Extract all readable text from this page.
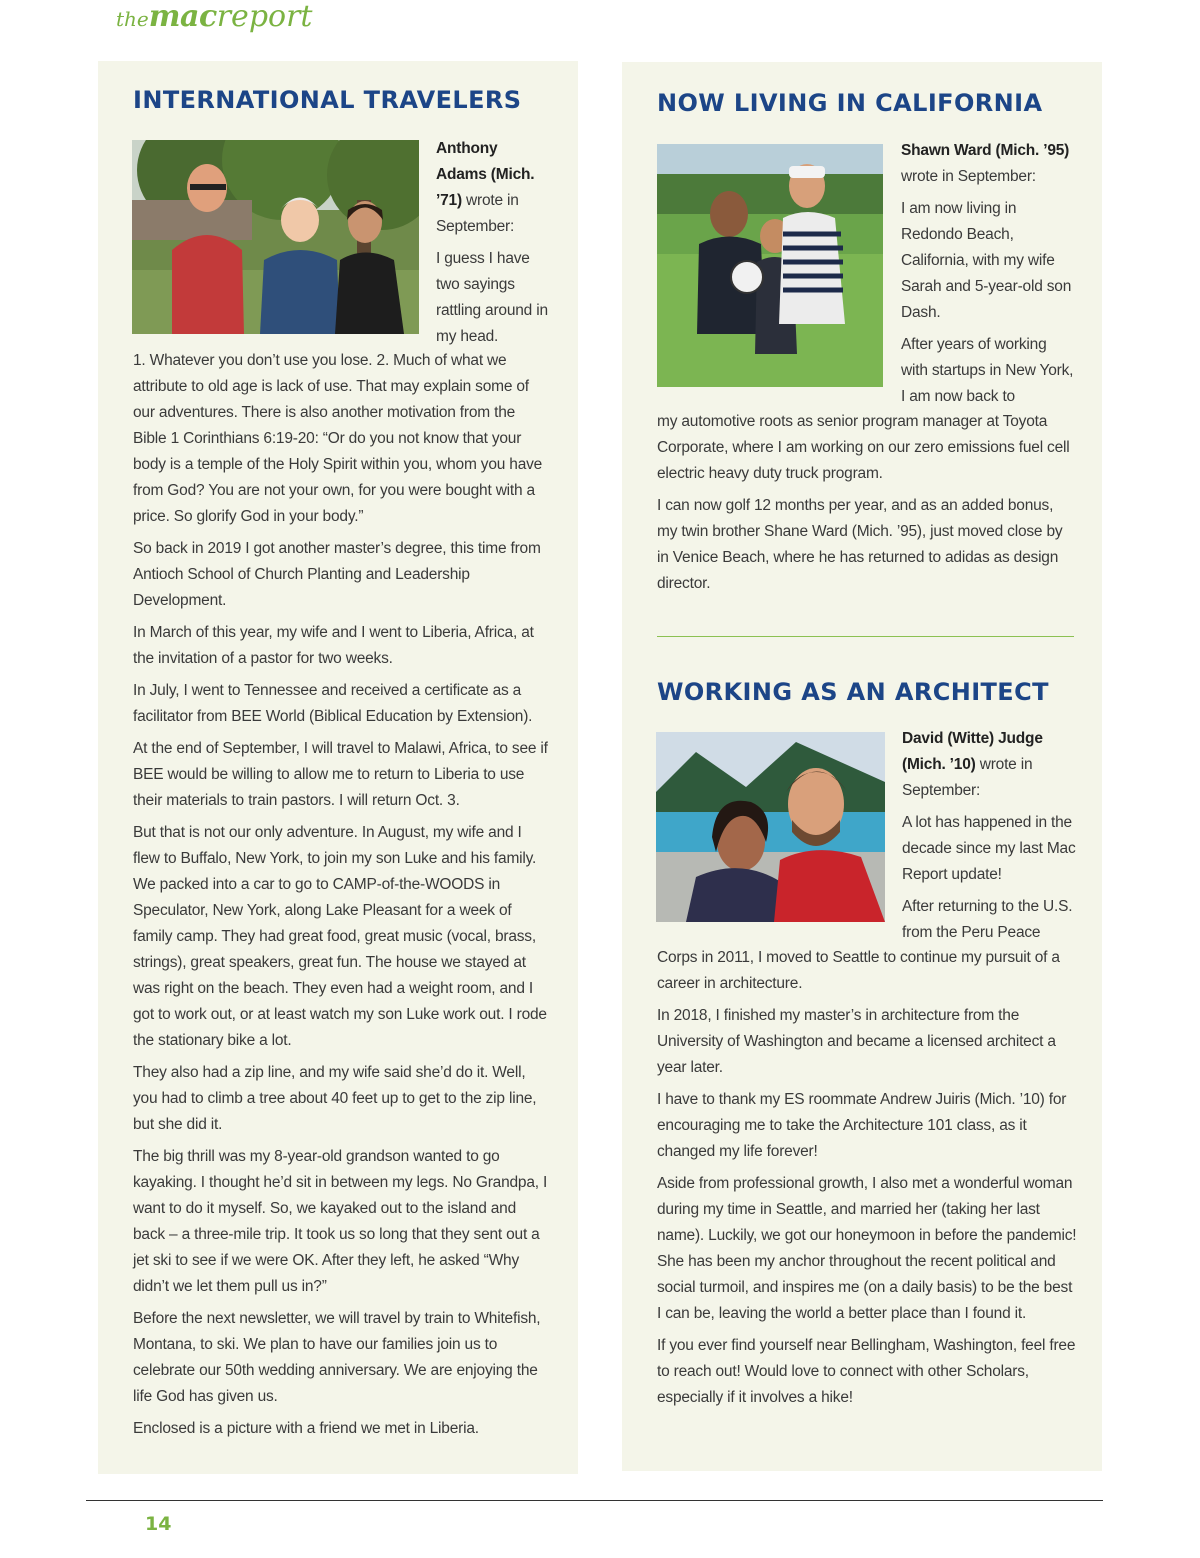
themacreport
INTERNATIONAL TRAVELERS

Anthony Adams (Mich. ’71) wrote in September:

I guess I have two sayings rattling around in my head.

1. Whatever you don’t use you lose. 2. Much of what we attribute to old age is lack of use. That may explain some of our adventures. There is also another motivation from the Bible 1 Corinthians 6:19-20: “Or do you not know that your body is a temple of the Holy Spirit within you, whom you have from God? You are not your own, for you were bought with a price. So glorify God in your body.”

So back in 2019 I got another master’s degree, this time from Antioch School of Church Planting and Leadership Development.

In March of this year, my wife and I went to Liberia, Africa, at the invitation of a pastor for two weeks.

In July, I went to Tennessee and received a certificate as a facilitator from BEE World (Biblical Education by Extension).

At the end of September, I will travel to Malawi, Africa, to see if BEE would be willing to allow me to return to Liberia to use their materials to train pastors. I will return Oct. 3.

But that is not our only adventure. In August, my wife and I flew to Buffalo, New York, to join my son Luke and his family. We packed into a car to go to CAMP-of-the-WOODS in Speculator, New York, along Lake Pleasant for a week of family camp. They had great food, great music (vocal, brass, strings), great speakers, great fun. The house we stayed at was right on the beach. They even had a weight room, and I got to work out, or at least watch my son Luke work out. I rode the stationary bike a lot.

They also had a zip line, and my wife said she’d do it. Well, you had to climb a tree about 40 feet up to get to the zip line, but she did it.

The big thrill was my 8-year-old grandson wanted to go kayaking. I thought he’d sit in between my legs. No Grandpa, I want to do it myself. So, we kayaked out to the island and back – a three-mile trip. It took us so long that they sent out a jet ski to see if we were OK. After they left, he asked “Why didn’t we let them pull us in?”

Before the next newsletter, we will travel by train to Whitefish, Montana, to ski. We plan to have our families join us to celebrate our 50th wedding anniversary. We are enjoying the life God has given us.

Enclosed is a picture with a friend we met in Liberia.

NOW LIVING IN CALIFORNIA

Shawn Ward (Mich. ’95) wrote in September:

I am now living in Redondo Beach, California, with my wife Sarah and 5-year-old son Dash.

After years of working with startups in New York, I am now back to

my automotive roots as senior program manager at Toyota Corporate, where I am working on our zero emissions fuel cell electric heavy duty truck program.

I can now golf 12 months per year, and as an added bonus, my twin brother Shane Ward (Mich. ’95), just moved close by in Venice Beach, where he has returned to adidas as design director.

WORKING AS AN ARCHITECT

David (Witte) Judge (Mich. ’10) wrote in September:

A lot has happened in the decade since my last Mac Report update!

After returning to the U.S. from the Peru Peace

Corps in 2011, I moved to Seattle to continue my pursuit of a career in architecture.

In 2018, I finished my master’s in architecture from the University of Washington and became a licensed architect a year later.

I have to thank my ES roommate Andrew Juiris (Mich. ’10) for encouraging me to take the Architecture 101 class, as it changed my life forever!

Aside from professional growth, I also met a wonderful woman during my time in Seattle, and married her (taking her last name). Luckily, we got our honeymoon in before the pandemic! She has been my anchor throughout the recent political and social turmoil, and inspires me (on a daily basis) to be the best I can be, leaving the world a better place than I found it.

If you ever find yourself near Bellingham, Washington, feel free to reach out! Would love to connect with other Scholars, especially if it involves a hike!

14
